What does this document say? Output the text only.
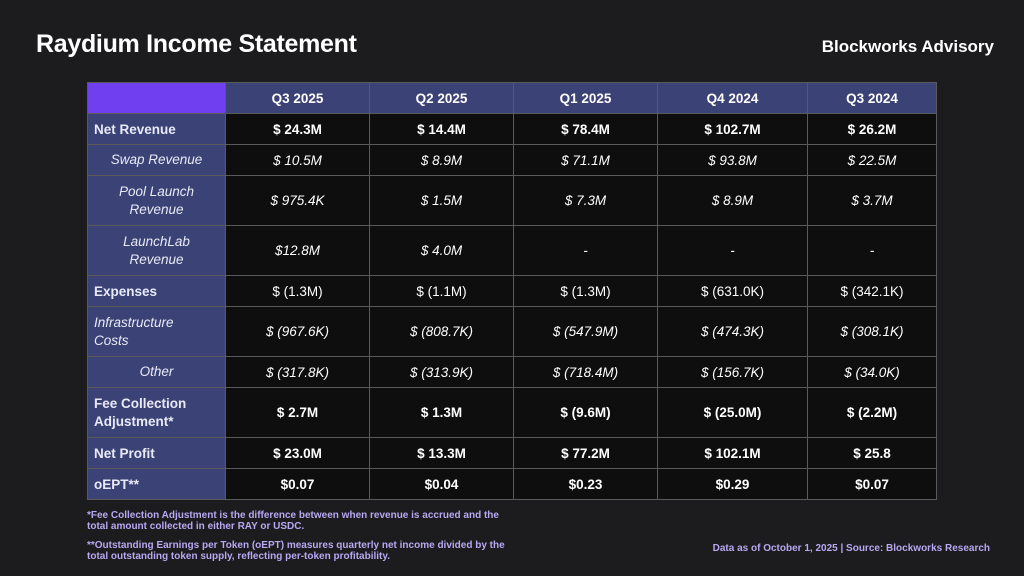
Raydium Income Statement	Blockworks Advisory
	Q3 2025	Q2 2025	Q1 2025	Q4 2024	Q3 2024
Net Revenue	$ 24.3M	$ 14.4M	$ 78.4M	$ 102.7M	$ 26.2M
Swap Revenue	$ 10.5M	$ 8.9M	$ 71.1M	$ 93.8M	$ 22.5M
Pool Launch Revenue	$ 975.4K	$ 1.5M	$ 7.3M	$ 8.9M	$ 3.7M
LaunchLab Revenue	$12.8M	$ 4.0M	-	-	-
Expenses	$ (1.3M)	$ (1.1M)	$ (1.3M)	$ (631.0K)	$ (342.1K)
Infrastructure Costs	$ (967.6K)	$ (808.7K)	$ (547.9M)	$ (474.3K)	$ (308.1K)
Other	$ (317.8K)	$ (313.9K)	$ (718.4M)	$ (156.7K)	$ (34.0K)
Fee Collection Adjustment*	$ 2.7M	$ 1.3M	$ (9.6M)	$ (25.0M)	$ (2.2M)
Net Profit	$ 23.0M	$ 13.3M	$ 77.2M	$ 102.1M	$ 25.8
oEPT**	$0.07	$0.04	$0.23	$0.29	$0.07
*Fee Collection Adjustment is the difference between when revenue is accrued and the total amount collected in either RAY or USDC.
**Outstanding Earnings per Token (oEPT) measures quarterly net income divided by the total outstanding token supply, reflecting per-token profitability.
Data as of October 1, 2025 | Source: Blockworks Research
